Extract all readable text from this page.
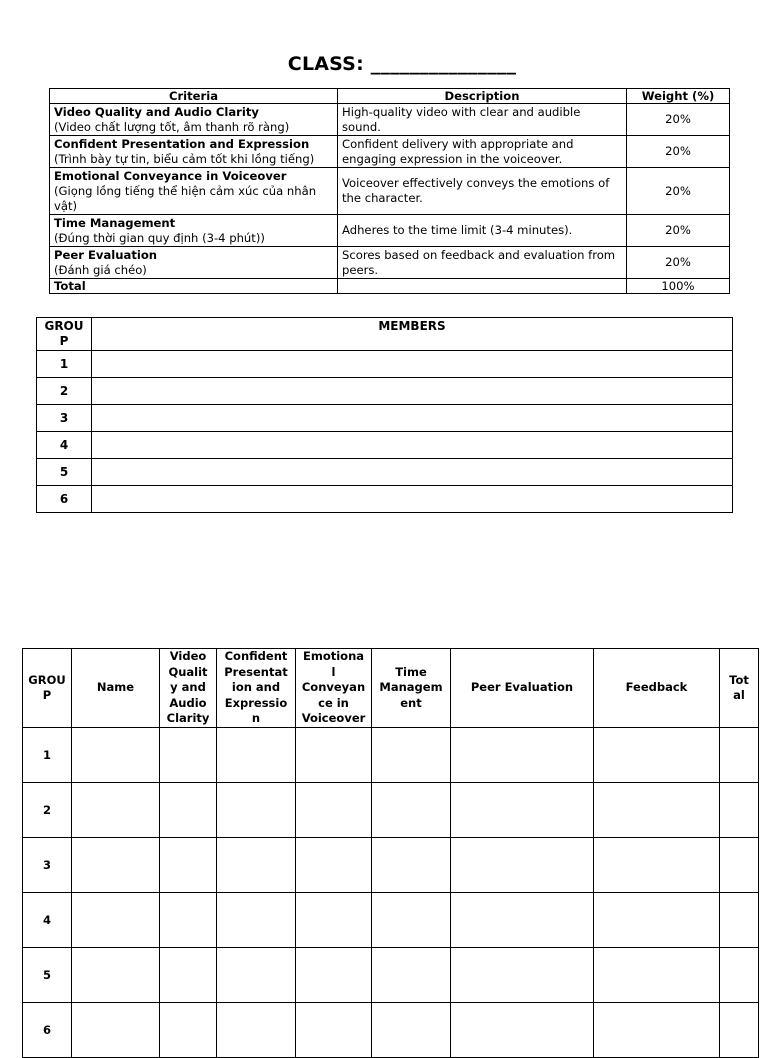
CLASS: _______________
Criteria	Description	Weight (%)

Video Quality and Audio Clarity
(Video chất lượng tốt, âm thanh rõ ràng)	High-quality video with clear and audible sound.	20%

Confident Presentation and Expression
(Trình bày tự tin, biểu cảm tốt khi lồng tiếng)	Confident delivery with appropriate and engaging expression in the voiceover.	20%

Emotional Conveyance in Voiceover
(Giọng lồng tiếng thể hiện cảm xúc của nhân vật)	Voiceover effectively conveys the emotions of the character.	20%

Time Management
(Đúng thời gian quy định (3-4 phút))	Adheres to the time limit (3-4 minutes).	20%

Peer Evaluation
(Đánh giá chéo)	Scores based on feedback and evaluation from peers.	20%
Total		100%
GROU
P	MEMBERS
1	
2	
3	
4	
5	
6	
GROU
P	Name	Video
Qualit
y and
Audio
Clarity	Confident
Presentat
ion and
Expressio
n	Emotiona
l
Conveyan
ce in
Voiceover	Time
Managem
ent	Peer Evaluation	Feedback	Tot
al
1								
2								
3								
4								
5								
6								
